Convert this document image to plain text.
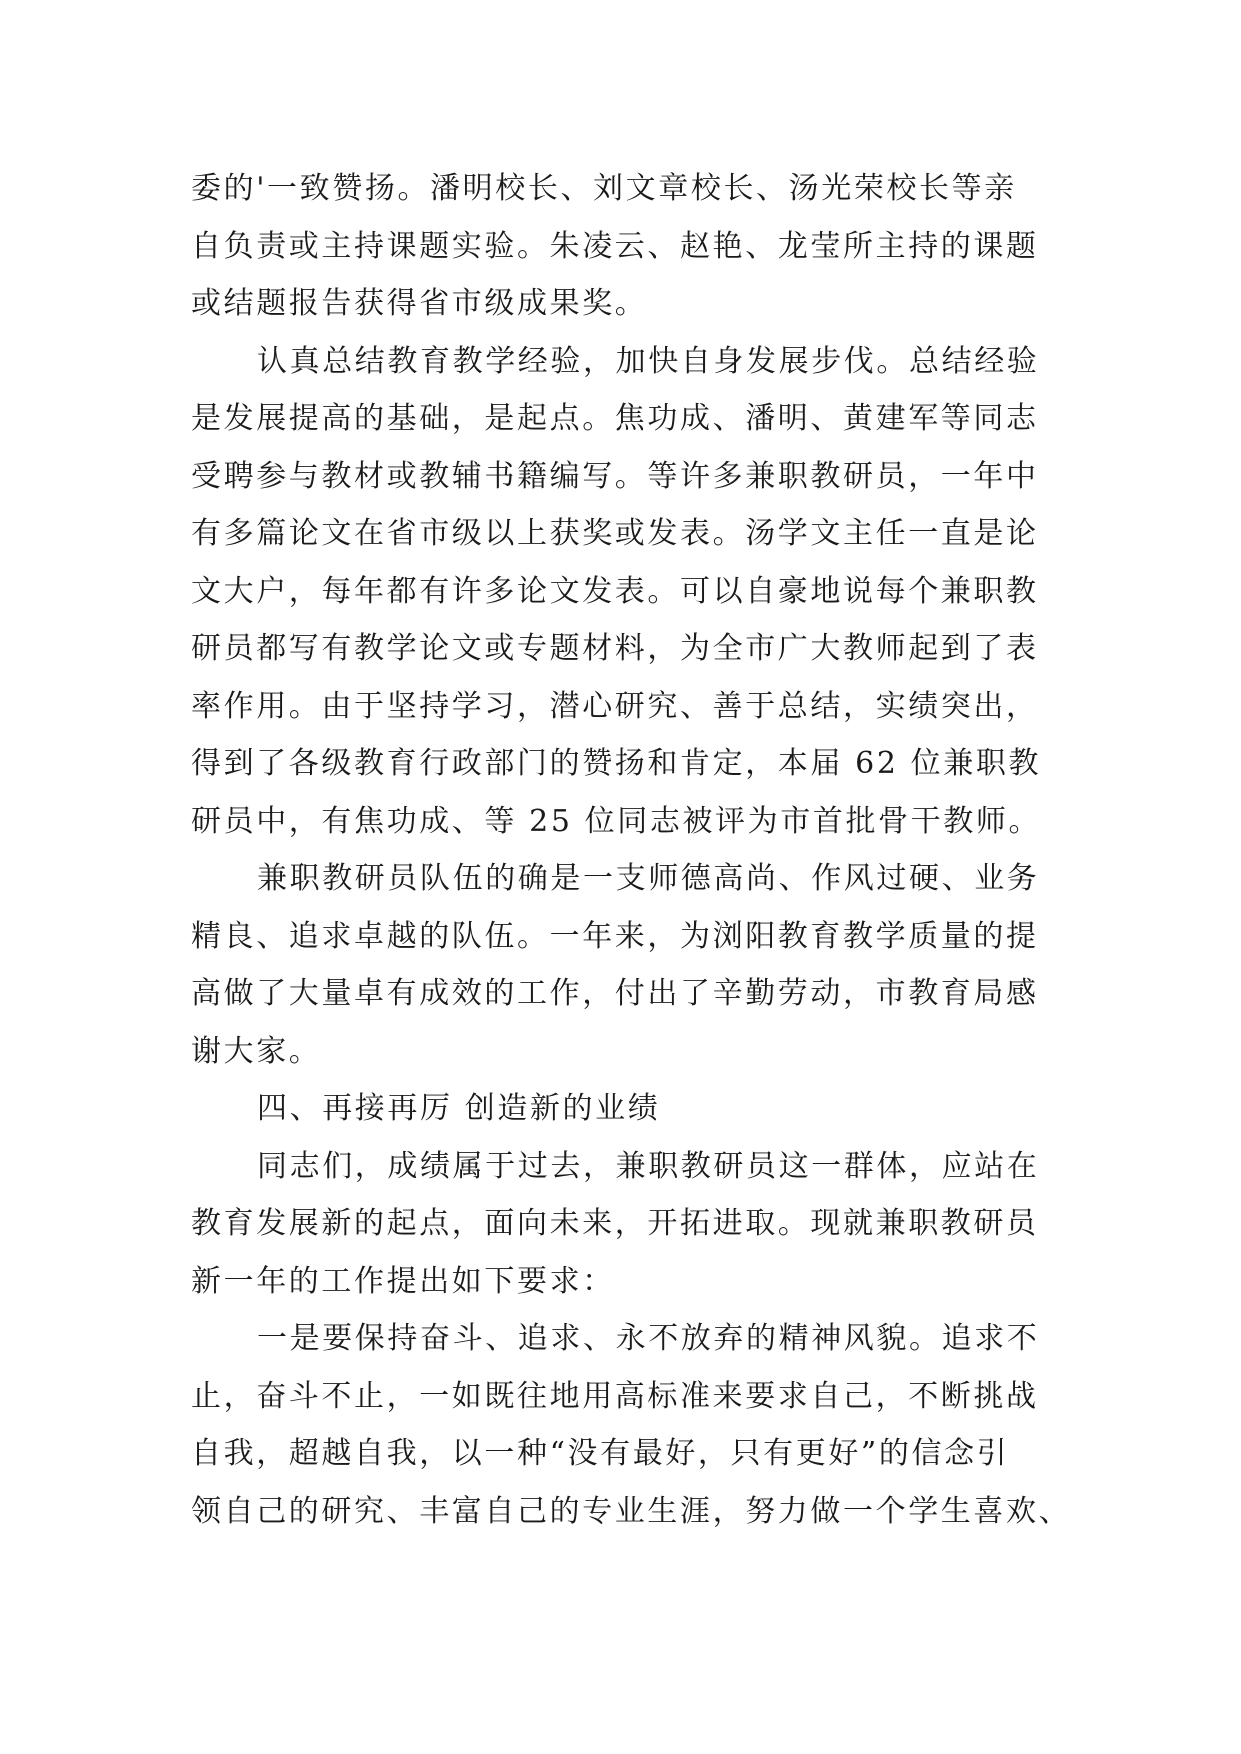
委的'一致赞扬。潘明校长、刘文章校长、汤光荣校长等亲
自负责或主持课题实验。朱凌云、赵艳、龙莹所主持的课题
或结题报告获得省市级成果奖。
认真总结教育教学经验，加快自身发展步伐。总结经验
是发展提高的基础，是起点。焦功成、潘明、黄建军等同志
受聘参与教材或教辅书籍编写。等许多兼职教研员，一年中
有多篇论文在省市级以上获奖或发表。汤学文主任一直是论
文大户，每年都有许多论文发表。可以自豪地说每个兼职教
研员都写有教学论文或专题材料，为全市广大教师起到了表
率作用。由于坚持学习，潜心研究、善于总结，实绩突出，
得到了各级教育行政部门的赞扬和肯定，本届 62 位兼职教
研员中，有焦功成、等 25 位同志被评为市首批骨干教师。
兼职教研员队伍的确是一支师德高尚、作风过硬、业务
精良、追求卓越的队伍。一年来，为浏阳教育教学质量的提
高做了大量卓有成效的工作，付出了辛勤劳动，市教育局感
谢大家。
四、再接再厉 创造新的业绩
同志们，成绩属于过去，兼职教研员这一群体，应站在
教育发展新的起点，面向未来，开拓进取。现就兼职教研员
新一年的工作提出如下要求：
一是要保持奋斗、追求、永不放弃的精神风貌。追求不
止，奋斗不止，一如既往地用高标准来要求自己，不断挑战
自我，超越自我，以一种“没有最好，只有更好”的信念引
领自己的研究、丰富自己的专业生涯，努力做一个学生喜欢、
